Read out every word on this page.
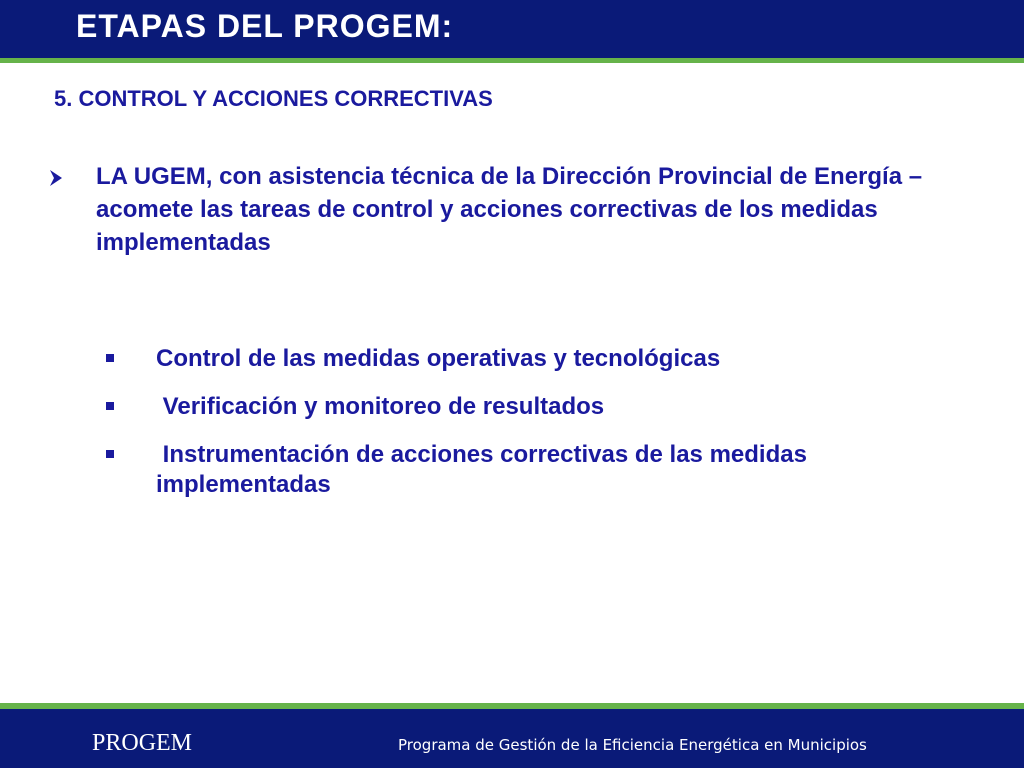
ETAPAS DEL PROGEM:
5. CONTROL Y ACCIONES CORRECTIVAS
LA UGEM, con asistencia técnica de la Dirección Provincial de Energía – acomete las tareas de control y acciones correctivas de los medidas implementadas
Control de las medidas operativas y tecnológicas
Verificación y monitoreo de resultados
Instrumentación de acciones correctivas de las medidas implementadas
PROGEM	Programa de Gestión de la Eficiencia Energética en Municipios
